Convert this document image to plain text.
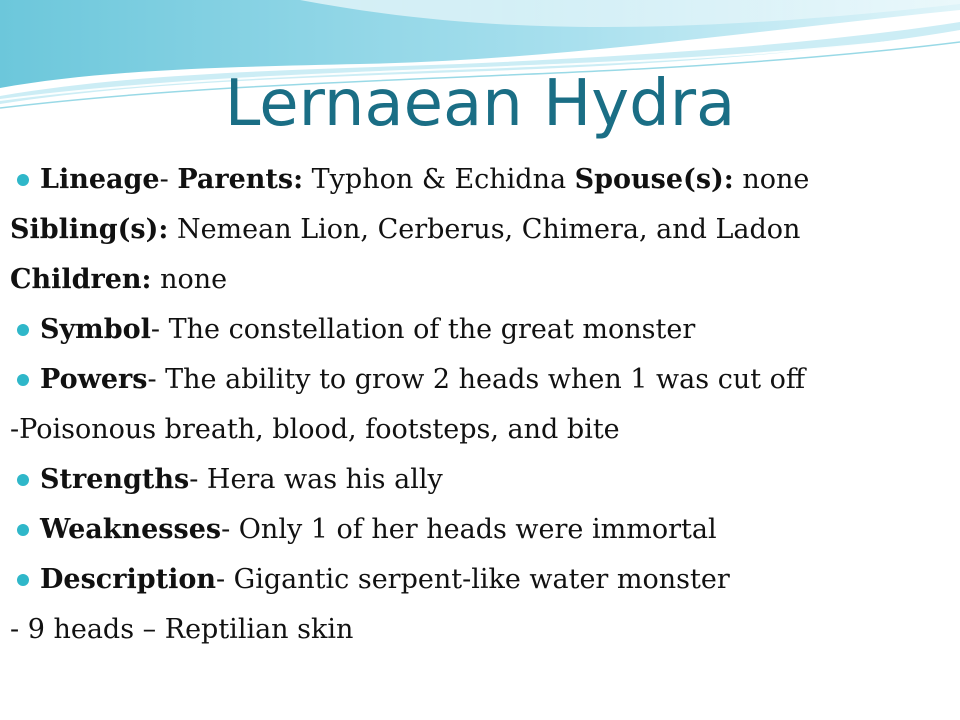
Lernaean Hydra
Lineage- Parents: Typhon & Echidna Spouse(s): none
Sibling(s): Nemean Lion, Cerberus, Chimera, and Ladon
Children: none
Symbol- The constellation of the great monster
Powers- The ability to grow 2 heads when 1 was cut off
-Poisonous breath, blood, footsteps, and bite
Strengths- Hera was his ally
Weaknesses- Only 1 of her heads were immortal
Description- Gigantic serpent-like water monster
- 9 heads – Reptilian skin
